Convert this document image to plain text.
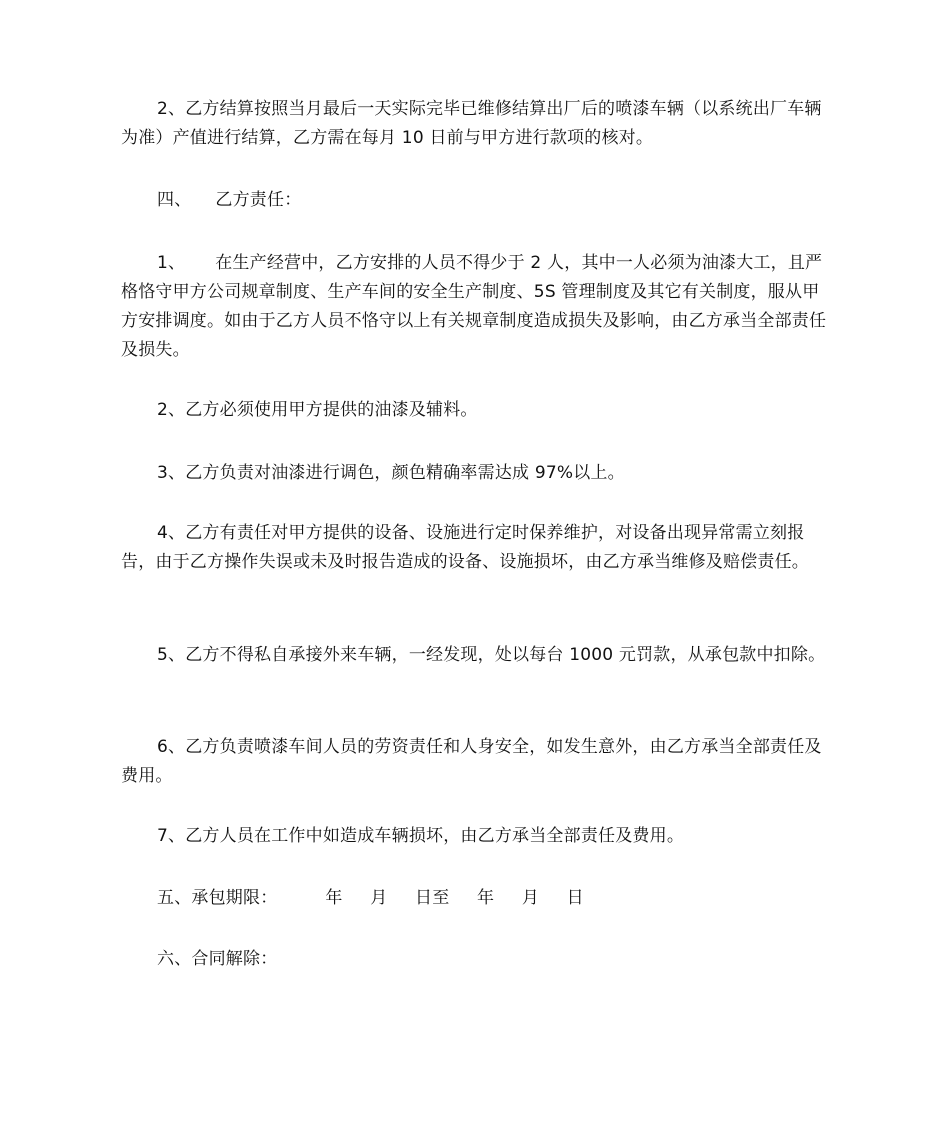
2、乙方结算按照当月最后一天实际完毕已维修结算出厂后的喷漆车辆（以系统出厂车辆为准）产值进行结算，乙方需在每月 10 日前与甲方进行款项的核对。
四、 乙方责任：
1、 在生产经营中，乙方安排的人员不得少于 2 人，其中一人必须为油漆大工，且严格恪守甲方公司规章制度、生产车间的安全生产制度、5S 管理制度及其它有关制度，服从甲方安排调度。如由于乙方人员不恪守以上有关规章制度造成损失及影响，由乙方承当全部责任及损失。
2、乙方必须使用甲方提供的油漆及辅料。
3、乙方负责对油漆进行调色，颜色精确率需达成 97%以上。
4、乙方有责任对甲方提供的设备、设施进行定时保养维护，对设备出现异常需立刻报告，由于乙方操作失误或未及时报告造成的设备、设施损坏，由乙方承当维修及赔偿责任。
5、乙方不得私自承接外来车辆，一经发现，处以每台 1000 元罚款，从承包款中扣除。
6、乙方负责喷漆车间人员的劳资责任和人身安全，如发生意外，由乙方承当全部责任及费用。
7、乙方人员在工作中如造成车辆损坏，由乙方承当全部责任及费用。
五、承包期限：	年 月 日至 年 月 日
六、合同解除：
